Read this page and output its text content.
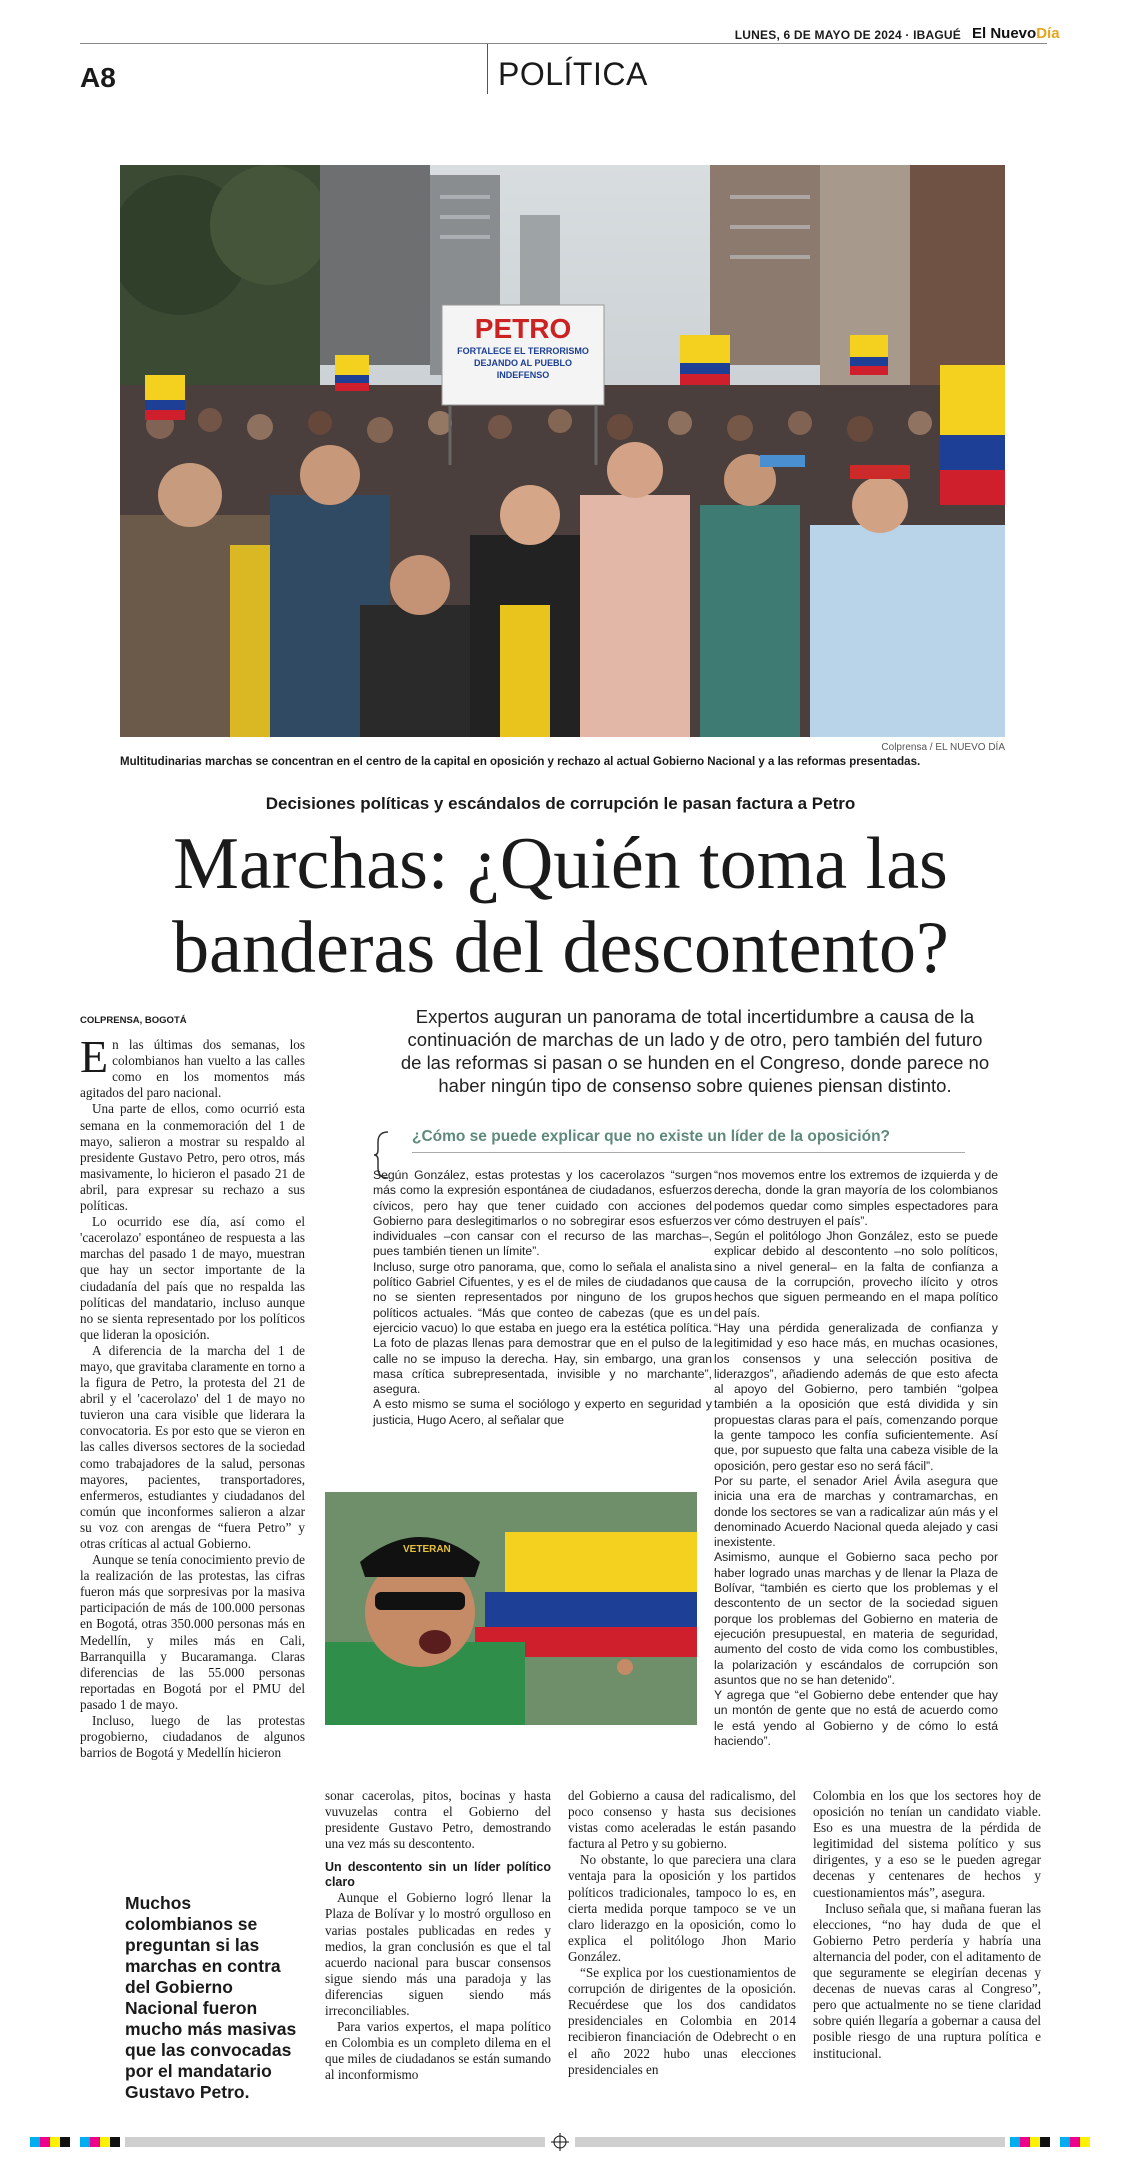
LUNES, 6 DE MAYO DE 2024 · IBAGUÉ El NuevoDía
A8	POLÍTICA
PETRO
FORTALECE EL TERRORISMO
DEJANDO AL PUEBLO
INDEFENSO
Colprensa / EL NUEVO DÍA
Multitudinarias marchas se concentran en el centro de la capital en oposición y rechazo al actual Gobierno Nacional y a las reformas presentadas.
Decisiones políticas y escándalos de corrupción le pasan factura a Petro
Marchas: ¿Quién toma las
banderas del descontento?
Expertos auguran un panorama de total incertidumbre a causa de la continuación de marchas de un lado y de otro, pero también del futuro de las reformas si pasan o se hunden en el Congreso, donde parece no haber ningún tipo de consenso sobre quienes piensan distinto.
COLPRENSA, BOGOTÁ

En las últimas dos semanas, los colombianos han vuelto a las calles como en los momentos más agitados del paro nacional.

Una parte de ellos, como ocurrió esta semana en la conmemoración del 1 de mayo, salieron a mostrar su respaldo al presidente Gustavo Petro, pero otros, más masivamente, lo hicieron el pasado 21 de abril, para expresar su rechazo a sus políticas.

Lo ocurrido ese día, así como el 'cacerolazo' espontáneo de respuesta a las marchas del pasado 1 de mayo, muestran que hay un sector importante de la ciudadanía del país que no respalda las políticas del mandatario, incluso aunque no se sienta representado por los políticos que lideran la oposición.

A diferencia de la marcha del 1 de mayo, que gravitaba claramente en torno a la figura de Petro, la protesta del 21 de abril y el 'cacerolazo' del 1 de mayo no tuvieron una cara visible que liderara la convocatoria. Es por esto que se vieron en las calles diversos sectores de la sociedad como trabajadores de la salud, personas mayores, pacientes, transportadores, enfermeros, estudiantes y ciudadanos del común que inconformes salieron a alzar su voz con arengas de “fuera Petro” y otras críticas al actual Gobierno.

Aunque se tenía conocimiento previo de la realización de las protestas, las cifras fueron más que sorpresivas por la masiva participación de más de 100.000 personas en Bogotá, otras 350.000 personas más en Medellín, y miles más en Cali, Barranquilla y Bucaramanga. Claras diferencias de las 55.000 personas reportadas en Bogotá por el PMU del pasado 1 de mayo.

Incluso, luego de las protestas progobierno, ciudadanos de algunos barrios de Bogotá y Medellín hicieron

¿Cómo se puede explicar que no existe un líder de la oposición?

Según González, estas protestas y los cacerolazos “surgen más como la expresión espontánea de ciudadanos, esfuerzos cívicos, pero hay que tener cuidado con acciones del Gobierno para deslegitimarlos o no sobregirar esos esfuerzos individuales –con cansar con el recurso de las marchas–, pues también tienen un límite”.

Incluso, surge otro panorama, que, como lo señala el analista político Gabriel Cifuentes, y es el de miles de ciudadanos que no se sienten representados por ninguno de los grupos políticos actuales. “Más que conteo de cabezas (que es un ejercicio vacuo) lo que estaba en juego era la estética política. La foto de plazas llenas para demostrar que en el pulso de la calle no se impuso la derecha. Hay, sin embargo, una gran masa crítica subrepresentada, invisible y no marchante”, asegura.

A esto mismo se suma el sociólogo y experto en seguridad y justicia, Hugo Acero, al señalar que

“nos movemos entre los extremos de izquierda y de derecha, donde la gran mayoría de los colombianos podemos quedar como simples espectadores para ver cómo destruyen el país”.

Según el politólogo Jhon González, esto se puede explicar debido al descontento –no solo políticos, sino a nivel general– en la falta de confianza a causa de la corrupción, provecho ilícito y otros hechos que siguen permeando en el mapa político del país.

“Hay una pérdida generalizada de confianza y legitimidad y eso hace más, en muchas ocasiones, los consensos y una selección positiva de liderazgos”, añadiendo además de que esto afecta al apoyo del Gobierno, pero también “golpea también a la oposición que está dividida y sin propuestas claras para el país, comenzando porque la gente tampoco les confía suficientemente. Así que, por supuesto que falta una cabeza visible de la oposición, pero gestar eso no será fácil”.

Por su parte, el senador Ariel Ávila asegura que inicia una era de marchas y contramarchas, en donde los sectores se van a radicalizar aún más y el denominado Acuerdo Nacional queda alejado y casi inexistente.

Asimismo, aunque el Gobierno saca pecho por haber logrado unas marchas y de llenar la Plaza de Bolívar, “también es cierto que los problemas y el descontento de un sector de la sociedad siguen porque los problemas del Gobierno en materia de ejecución presupuestal, en materia de seguridad, aumento del costo de vida como los combustibles, la polarización y escándalos de corrupción son asuntos que no se han detenido”.

Y agrega que “el Gobierno debe entender que hay un montón de gente que no está de acuerdo como le está yendo al Gobierno y de cómo lo está haciendo”.

VETERAN

sonar cacerolas, pitos, bocinas y hasta vuvuzelas contra el Gobierno del presidente Gustavo Petro, demostrando una vez más su descontento.

Un descontento sin un líder político claro

Aunque el Gobierno logró llenar la Plaza de Bolívar y lo mostró orgulloso en varias postales publicadas en redes y medios, la gran conclusión es que el tal acuerdo nacional para buscar consensos sigue siendo más una paradoja y las diferencias siguen siendo más irreconciliables.

Para varios expertos, el mapa político en Colombia es un completo dilema en el que miles de ciudadanos se están sumando al inconformismo

del Gobierno a causa del radicalismo, del poco consenso y hasta sus decisiones vistas como aceleradas le están pasando factura al Petro y su gobierno.

No obstante, lo que pareciera una clara ventaja para la oposición y los partidos políticos tradicionales, tampoco lo es, en cierta medida porque tampoco se ve un claro liderazgo en la oposición, como lo explica el politólogo Jhon Mario González.

“Se explica por los cuestionamientos de corrupción de dirigentes de la oposición. Recuérdese que los dos candidatos presidenciales en Colombia en 2014 recibieron financiación de Odebrecht o en el año 2022 hubo unas elecciones presidenciales en

Colombia en los que los sectores hoy de oposición no tenían un candidato viable. Eso es una muestra de la pérdida de legitimidad del sistema político y sus dirigentes, y a eso se le pueden agregar decenas y centenares de hechos y cuestionamientos más”, asegura.

Incluso señala que, si mañana fueran las elecciones, “no hay duda de que el Gobierno Petro perdería y habría una alternancia del poder, con el aditamento de que seguramente se elegirían decenas y decenas de nuevas caras al Congreso”, pero que actualmente no se tiene claridad sobre quién llegaría a gobernar a causa del posible riesgo de una ruptura política e institucional.

Muchos colombianos se preguntan si las marchas en contra del Gobierno Nacional fueron mucho más masivas que las convocadas por el mandatario Gustavo Petro.
